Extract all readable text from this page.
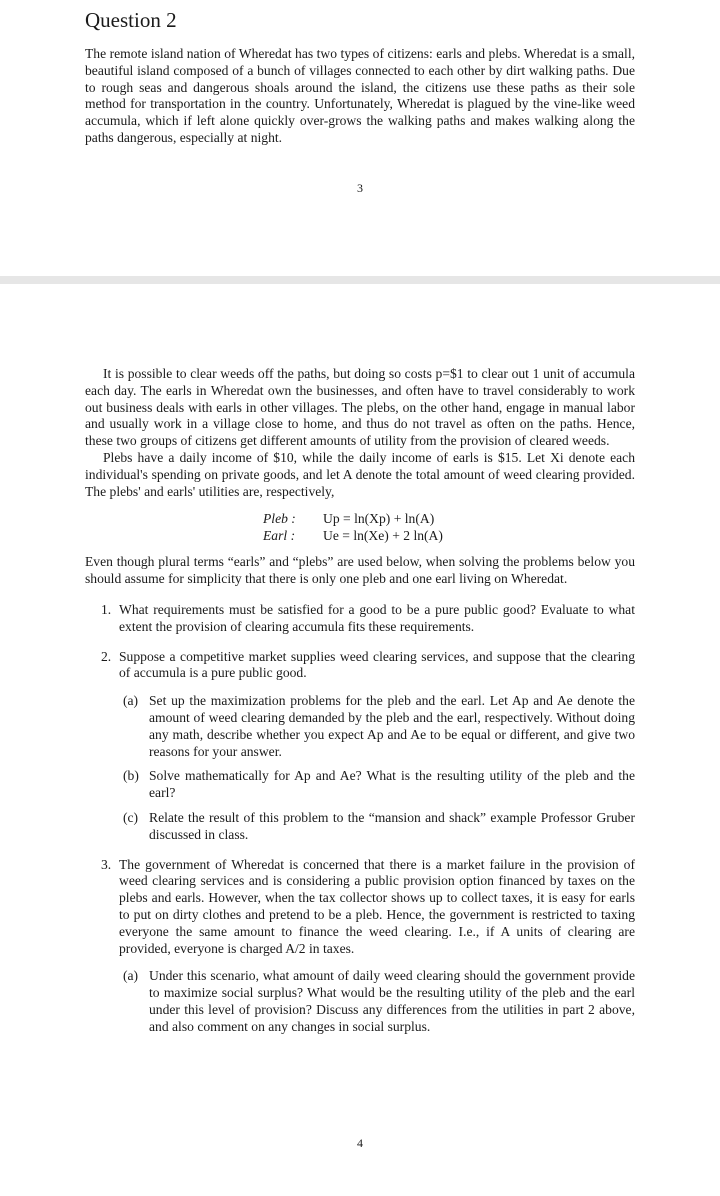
Question 2

The remote island nation of Wheredat has two types of citizens: earls and plebs. Wheredat is a small, beautiful island composed of a bunch of villages connected to each other by dirt walking paths. Due to rough seas and dangerous shoals around the island, the citizens use these paths as their sole method for transportation in the country. Unfortunately, Wheredat is plagued by the vine-like weed accumula, which if left alone quickly over-grows the walking paths and makes walking along the paths dangerous, especially at night.

3

It is possible to clear weeds off the paths, but doing so costs p=$1 to clear out 1 unit of accumula each day. The earls in Wheredat own the businesses, and often have to travel considerably to work out business deals with earls in other villages. The plebs, on the other hand, engage in manual labor and usually work in a village close to home, and thus do not travel as often on the paths. Hence, these two groups of citizens get different amounts of utility from the provision of cleared weeds.

Plebs have a daily income of $10, while the daily income of earls is $15. Let Xi denote each individual's spending on private goods, and let A denote the total amount of weed clearing provided. The plebs' and earls' utilities are, respectively,

Pleb :	Up = ln(Xp) + ln(A)
Earl :	Ue = ln(Xe) + 2 ln(A)

Even though plural terms “earls” and “plebs” are used below, when solving the problems below you should assume for simplicity that there is only one pleb and one earl living on Wheredat.

1. What requirements must be satisfied for a good to be a pure public good? Evaluate to what extent the provision of clearing accumula fits these requirements.

2. Suppose a competitive market supplies weed clearing services, and suppose that the clearing of accumula is a pure public good.

(a) Set up the maximization problems for the pleb and the earl. Let Ap and Ae denote the amount of weed clearing demanded by the pleb and the earl, respectively. Without doing any math, describe whether you expect Ap and Ae to be equal or different, and give two reasons for your answer.

(b) Solve mathematically for Ap and Ae? What is the resulting utility of the pleb and the earl?

(c) Relate the result of this problem to the “mansion and shack” example Professor Gruber discussed in class.

3. The government of Wheredat is concerned that there is a market failure in the provision of weed clearing services and is considering a public provision option financed by taxes on the plebs and earls. However, when the tax collector shows up to collect taxes, it is easy for earls to put on dirty clothes and pretend to be a pleb. Hence, the government is restricted to taxing everyone the same amount to finance the weed clearing. I.e., if A units of clearing are provided, everyone is charged A/2 in taxes.

(a) Under this scenario, what amount of daily weed clearing should the government provide to maximize social surplus? What would be the resulting utility of the pleb and the earl under this level of provision? Discuss any differences from the utilities in part 2 above, and also comment on any changes in social surplus.

4
